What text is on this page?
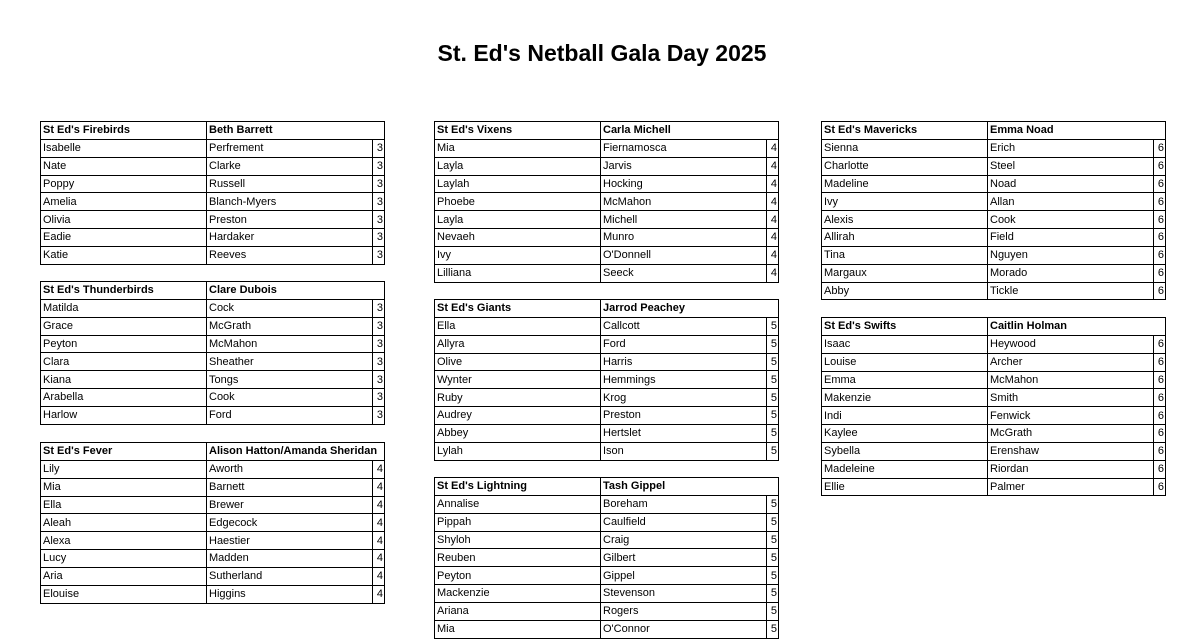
St. Ed's Netball Gala Day 2025
St Ed's Firebirds	Beth Barrett	
Isabelle	Perfrement	3
Nate	Clarke	3
Poppy	Russell	3
Amelia	Blanch-Myers	3
Olivia	Preston	3
Eadie	Hardaker	3
Katie	Reeves	3
St Ed's Thunderbirds	Clare Dubois	
Matilda	Cock	3
Grace	McGrath	3
Peyton	McMahon	3
Clara	Sheather	3
Kiana	Tongs	3
Arabella	Cook	3
Harlow	Ford	3
St Ed's Fever	Alison Hatton/Amanda Sheridan	
Lily	Aworth	4
Mia	Barnett	4
Ella	Brewer	4
Aleah	Edgecock	4
Alexa	Haestier	4
Lucy	Madden	4
Aria	Sutherland	4
Elouise	Higgins	4
St Ed's Vixens	Carla Michell	
Mia	Fiernamosca	4
Layla	Jarvis	4
Laylah	Hocking	4
Phoebe	McMahon	4
Layla	Michell	4
Nevaeh	Munro	4
Ivy	O'Donnell	4
Lilliana	Seeck	4
St Ed's Giants	Jarrod Peachey	
Ella	Callcott	5
Allyra	Ford	5
Olive	Harris	5
Wynter	Hemmings	5
Ruby	Krog	5
Audrey	Preston	5
Abbey	Hertslet	5
Lylah	Ison	5
St Ed's Lightning	Tash Gippel	
Annalise	Boreham	5
Pippah	Caulfield	5
Shyloh	Craig	5
Reuben	Gilbert	5
Peyton	Gippel	5
Mackenzie	Stevenson	5
Ariana	Rogers	5
Mia	O'Connor	5
St Ed's Mavericks	Emma Noad	
Sienna	Erich	6
Charlotte	Steel	6
Madeline	Noad	6
Ivy	Allan	6
Alexis	Cook	6
Allirah	Field	6
Tina	Nguyen	6
Margaux	Morado	6
Abby	Tickle	6
St Ed's Swifts	Caitlin Holman	
Isaac	Heywood	6
Louise	Archer	6
Emma	McMahon	6
Makenzie	Smith	6
Indi	Fenwick	6
Kaylee	McGrath	6
Sybella	Erenshaw	6
Madeleine	Riordan	6
Ellie	Palmer	6
